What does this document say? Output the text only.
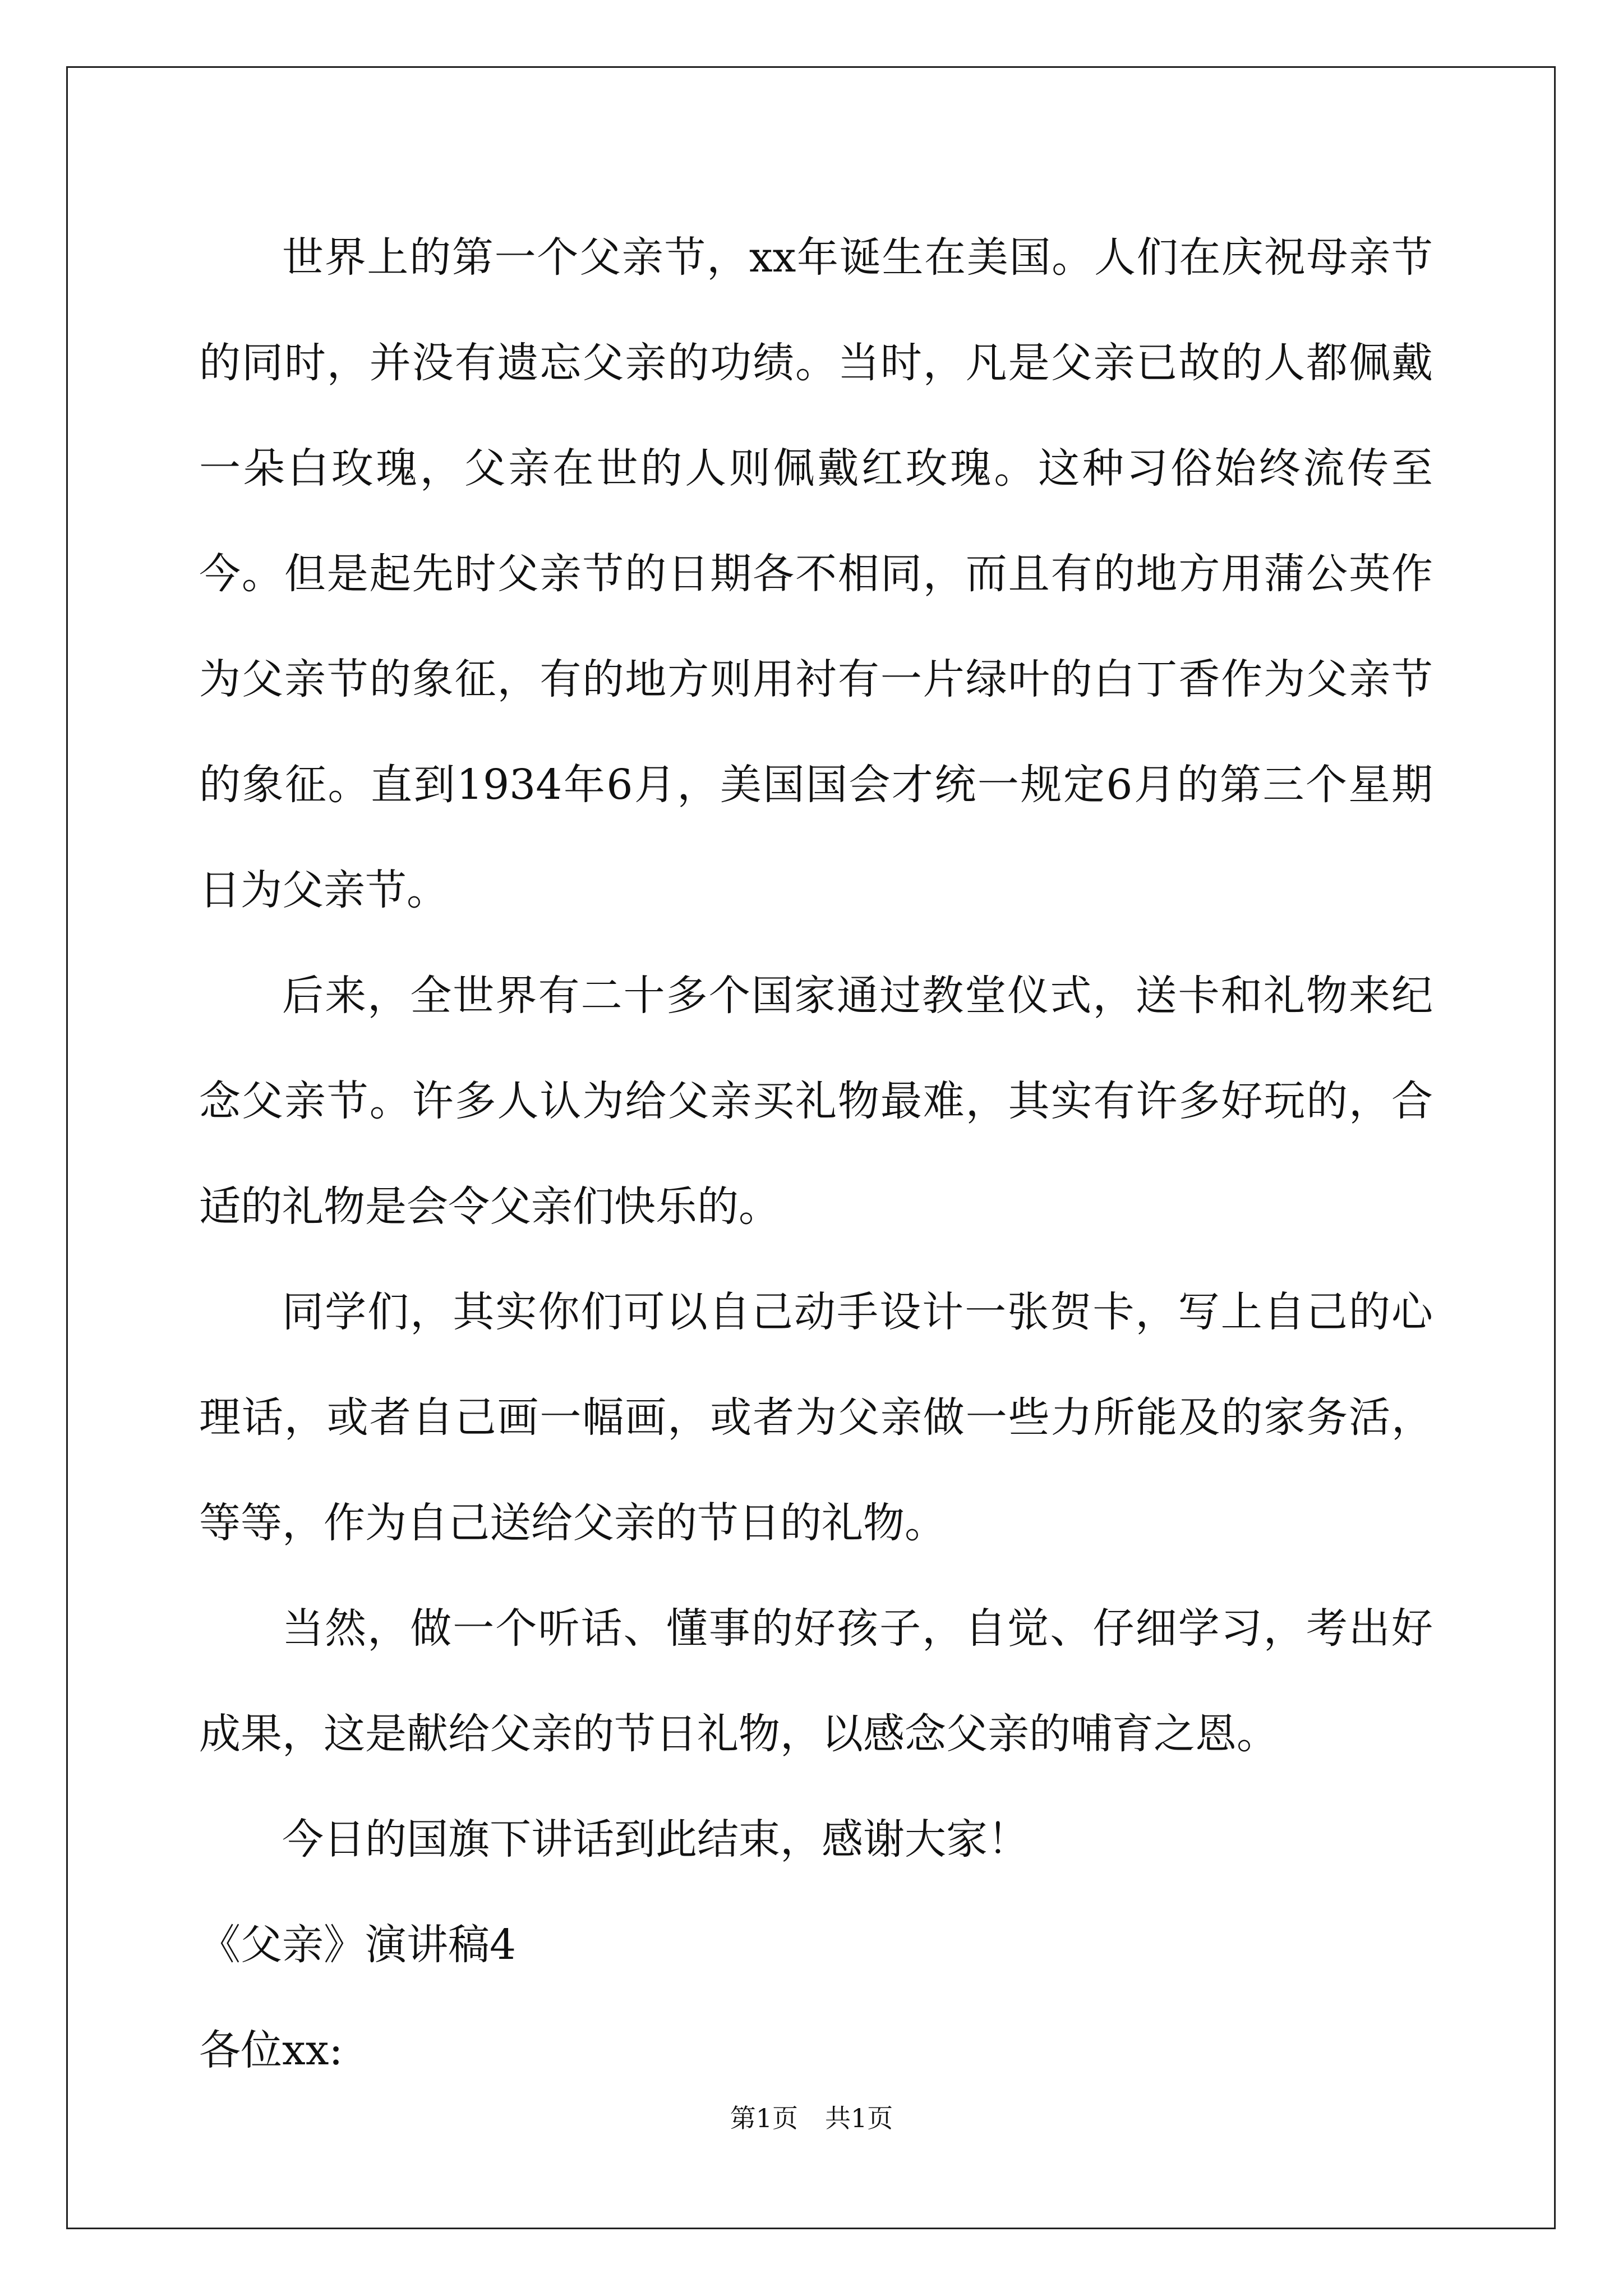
世界上的第一个父亲节，xx年诞生在美国。人们在庆祝母亲节的同时，并没有遗忘父亲的功绩。当时，凡是父亲已故的人都佩戴一朵白玫瑰，父亲在世的人则佩戴红玫瑰。这种习俗始终流传至今。但是起先时父亲节的日期各不相同，而且有的地方用蒲公英作为父亲节的象征，有的地方则用衬有一片绿叶的白丁香作为父亲节的象征。直到1934年6月，美国国会才统一规定6月的第三个星期日为父亲节。

后来，全世界有二十多个国家通过教堂仪式，送卡和礼物来纪念父亲节。许多人认为给父亲买礼物最难，其实有许多好玩的，合适的礼物是会令父亲们快乐的。

同学们，其实你们可以自己动手设计一张贺卡，写上自己的心理话，或者自己画一幅画，或者为父亲做一些力所能及的家务活，等等，作为自己送给父亲的节日的礼物。

当然，做一个听话、懂事的好孩子，自觉、仔细学习，考出好成果，这是献给父亲的节日礼物，以感念父亲的哺育之恩。

今日的国旗下讲话到此结束，感谢大家！

《父亲》演讲稿4

各位xx:

第1页 共1页
